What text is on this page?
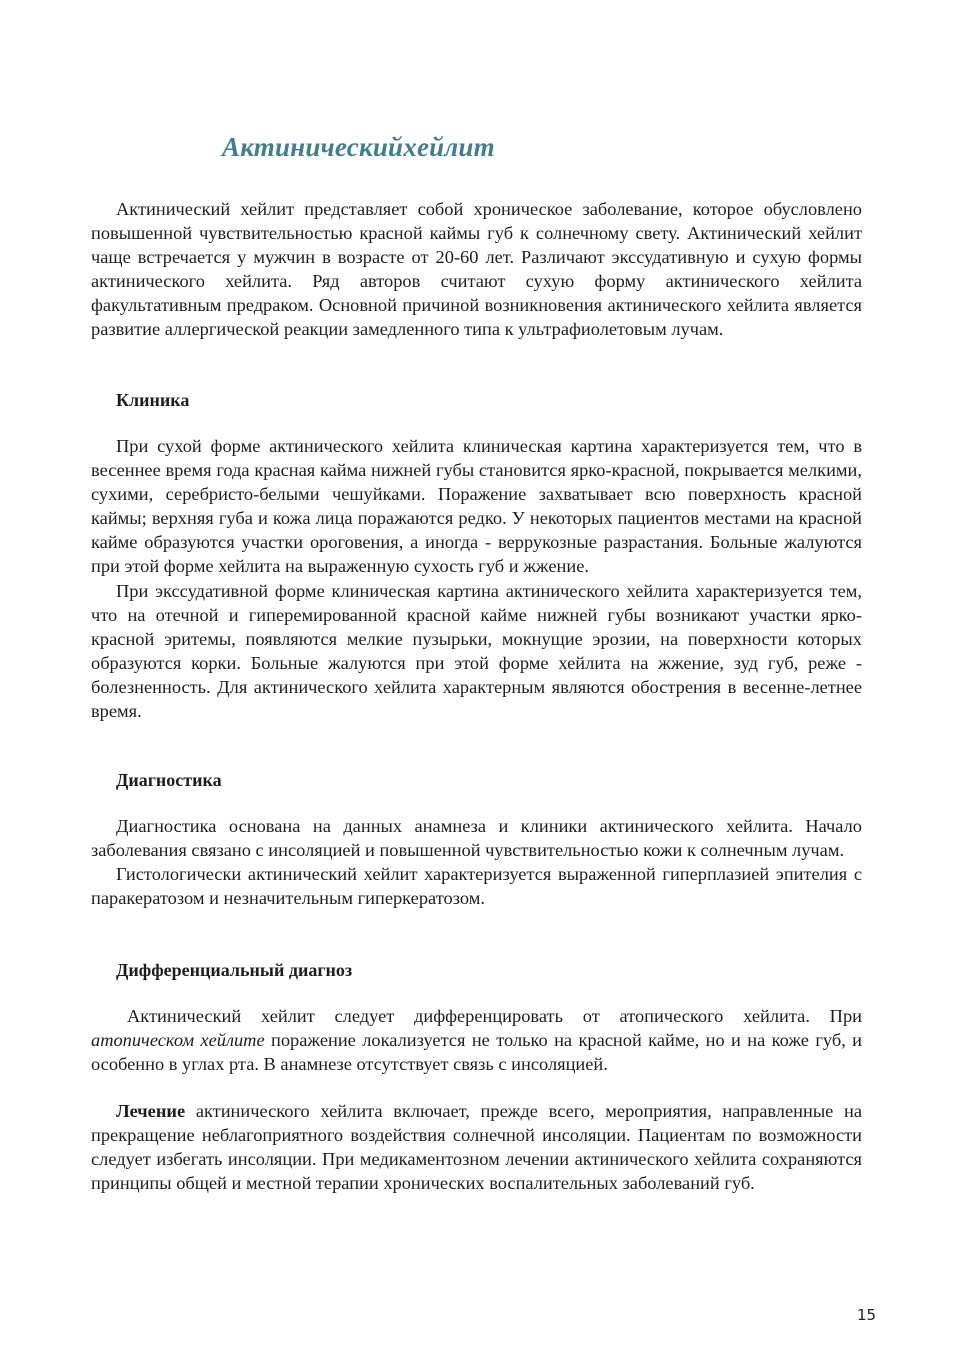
Актиническийхейлит

Актинический хейлит представляет собой хроническое заболевание, которое обусловлено повышенной чувствительностью красной каймы губ к солнечному свету. Актинический хейлит чаще встречается у мужчин в возрасте от 20-60 лет. Различают экссудативную и сухую формы актинического хейлита. Ряд авторов считают сухую форму актинического хейлита факультативным предраком. Основной причиной возникновения актинического хейлита является развитие аллергической реакции замедленного типа к ультрафиолетовым лучам.

Клиника

При сухой форме актинического хейлита клиническая картина характеризуется тем, что в весеннее время года красная кайма нижней губы становится ярко-красной, покрывается мелкими, сухими, серебристо-белыми чешуйками. Поражение захватывает всю поверхность красной каймы; верхняя губа и кожа лица поражаются редко. У некоторых пациентов местами на красной кайме образуются участки ороговения, а иногда - веррукозные разрастания. Больные жалуются при этой форме хейлита на выраженную сухость губ и жжение.

При экссудативной форме клиническая картина актинического хейлита характеризуется тем, что на отечной и гиперемированной красной кайме нижней губы возникают участки ярко-красной эритемы, появляются мелкие пузырьки, мокнущие эрозии, на поверхности которых образуются корки. Больные жалуются при этой форме хейлита на жжение, зуд губ, реже - болезненность. Для актинического хейлита характерным являются обострения в весенне-летнее время.

Диагностика

Диагностика основана на данных анамнеза и клиники актинического хейлита. Начало заболевания связано с инсоляцией и повышенной чувствительностью кожи к солнечным лучам.

Гистологически актинический хейлит характеризуется выраженной гиперплазией эпителия с паракератозом и незначительным гиперкератозом.

Дифференциальный диагноз

Актинический хейлит следует дифференцировать от атопического хейлита. При атопическом хейлите поражение локализуется не только на красной кайме, но и на коже губ, и особенно в углах рта. В анамнезе отсутствует связь с инсоляцией.

Лечение актинического хейлита включает, прежде всего, мероприятия, направленные на прекращение неблагоприятного воздействия солнечной инсоляции. Пациентам по возможности следует избегать инсоляции. При медикаментозном лечении актинического хейлита сохраняются принципы общей и местной терапии хронических воспалительных заболеваний губ.

15
